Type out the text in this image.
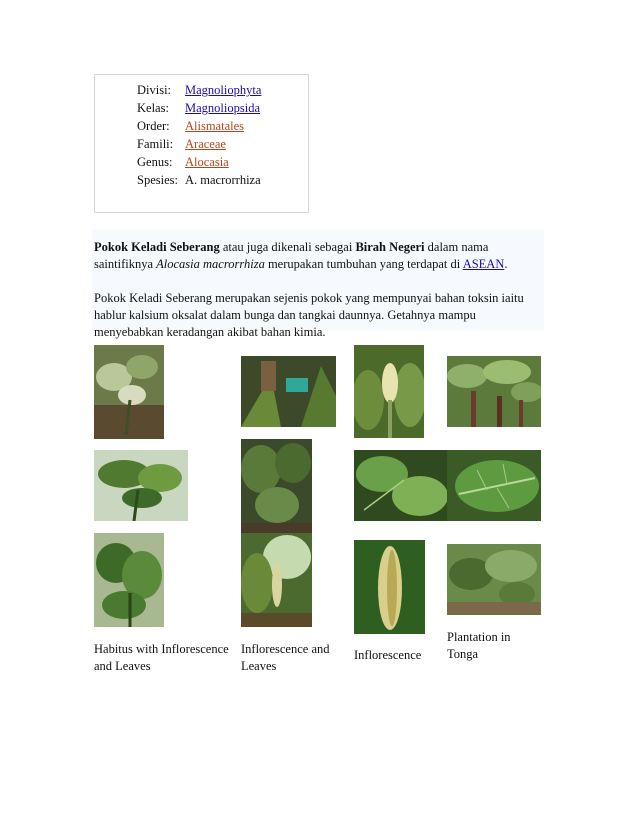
Divisi:	Magnoliophyta
Kelas:	Magnoliopsida
Order:	Alismatales
Famili:	Araceae
Genus:	Alocasia
Spesies:	A. macrorrhiza

Pokok Keladi Seberang atau juga dikenali sebagai Birah Negeri dalam nama saintifiknya Alocasia macrorrhiza merupakan tumbuhan yang terdapat di ASEAN.

Pokok Keladi Seberang merupakan sejenis pokok yang mempunyai bahan toksin iaitu hablur kalsium oksalat dalam bunga dan tangkai daunnya. Getahnya mampu menyebabkan keradangan akibat bahan kimia.

Habitus with Inflorescence and Leaves
Inflorescence and Leaves
Inflorescence
Plantation in Tonga
